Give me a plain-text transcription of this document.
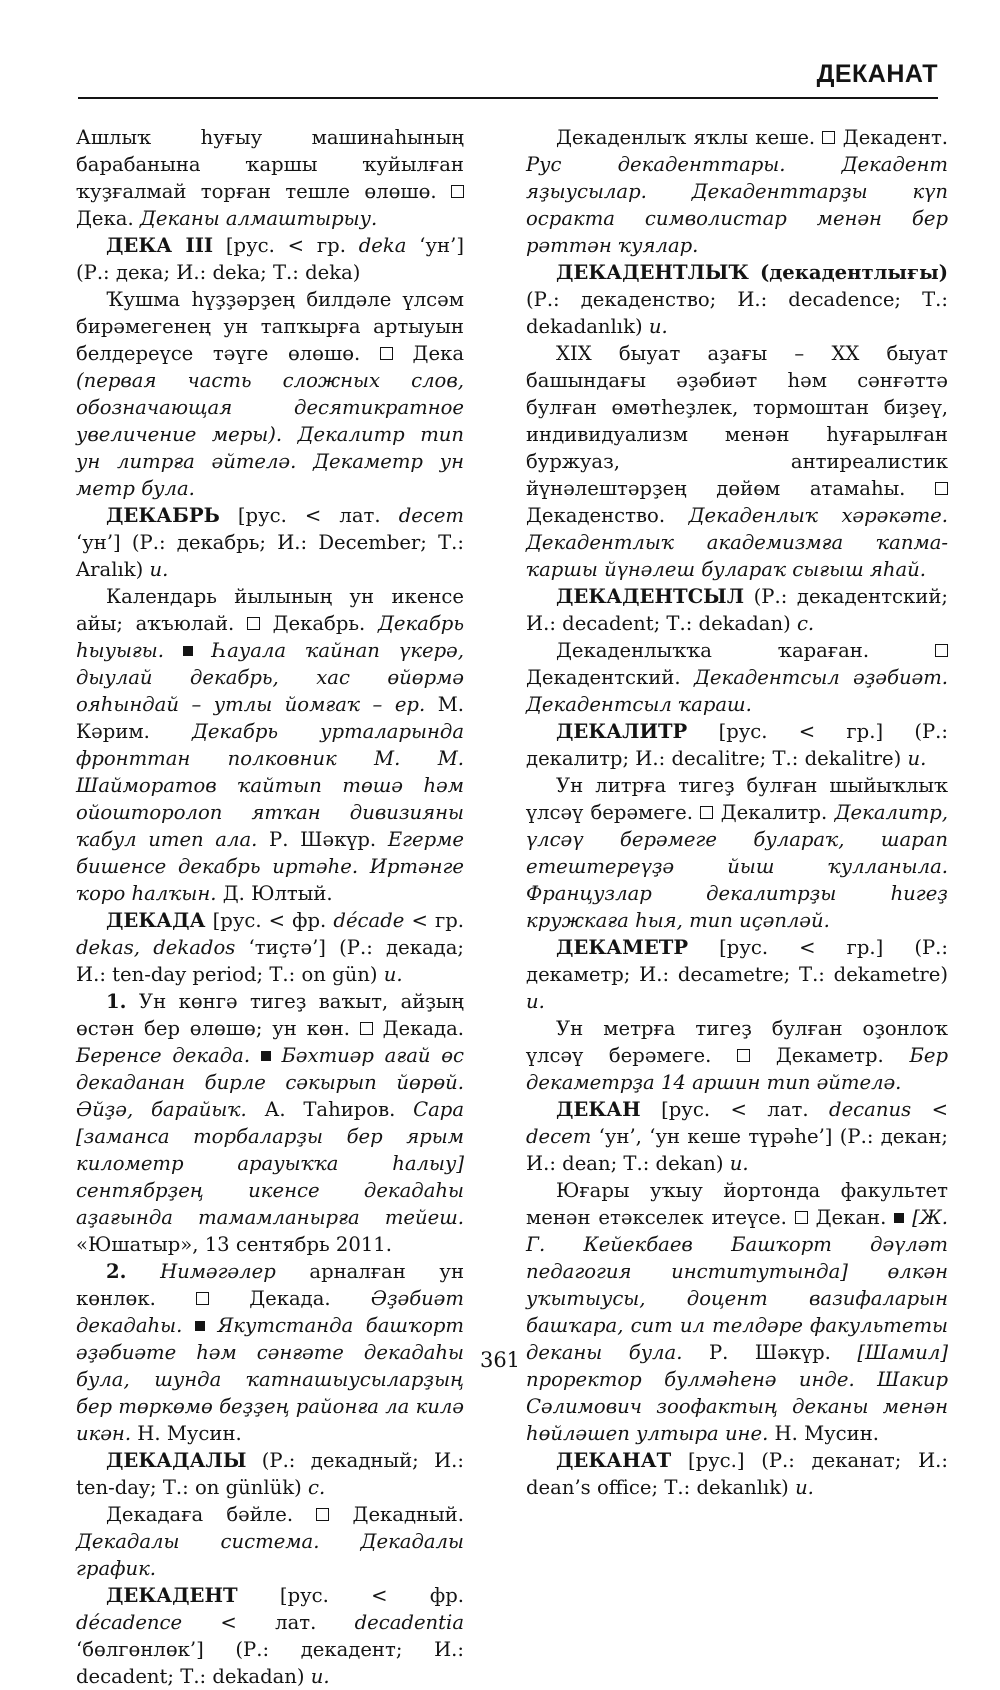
ДЕКАНАТ

Ашлыҡ һуғыу машинаһының барабанына ҡаршы ҡуйылған ҡуҙғалмай торған тешле өлөшө.  Дека. Деканы алмаштырыу.

ДЕКА III [рус. < гр. deka ‘ун’] (Р.: дека; И.: deka; Т.: deka)

Ҡушма һүҙҙәрҙең билдәле үлсәм бирәмегенең ун тапҡырға артыуын белдереүсе тәүге өлөшө.	Дека (первая часть сложных слов, обозначающая десятикратное увеличение меры). Декалитр тип ун литрға әйтелә. Декаметр ун метр була.

ДЕКАБРЬ [рус. < лат. decem ‘ун’] (Р.: декабрь; И.: December; Т.: Aralık) и.

Календарь йылының ун икенсе айы; аҡъюлай. Декабрь. Декабрь һыуығы. Һауала ҡайнап үкерә, дыулай декабрь, хас өйөрмә ояһындай – утлы йомғаҡ – ер. М. Кәрим. Декабрь урталарында фронттан полковник М. М. Шайморатов ҡайтып төшә һәм ойошторолоп ятҡан дивизияны ҡабул итеп ала. Р. Шәкүр. Егерме бишенсе декабрь иртәһе. Иртәнге ҡоро һалҡын. Д. Юлтый.

ДЕКАДА [рус. < фр. décade < гр. dekas, dekados ‘тиҫтә’] (Р.: декада; И.: ten-day period; Т.: on gün) и.

1. Ун көнгә тигеҙ ваҡыт, айҙың өстән бер өлөшө; ун көн. Декада. Беренсе декада. Бәхтиәр ағай өс декаданан бирле сәкырып йөрөй. Әйҙә, барайыҡ. А. Таһиров. Сара [заманса торбаларҙы бер ярым километр арауыҡҡа һалыу] сентябрҙең икенсе декадаһы аҙағында тамамланырға тейеш. «Юшатыр», 13 сентябрь 2011.

2. Нимәгәлер арналған ун көнлөк.	Декада. Әҙәбиәт декадаһы. Якутстанда башҡорт әҙәбиәте һәм сәнғәте декадаһы була, шунда ҡатнашыусыларҙың бер төркөмө беҙҙең районға ла килә икән. Н. Мусин.

ДЕКАДАЛЫ (Р.: декадный; И.: ten-day; Т.: on günlük) с.

Декадаға бәйле.	Декадный. Декадалы система. Декадалы график.

ДЕКАДЕНТ [рус. < фр. décadence < лат. decadentia ‘бөлгөнлөк’] (Р.: декадент; И.: decadent; Т.: dekadan) и.

Декаденлыҡ яҡлы кеше. Декадент. Рус декаденттары. Декадент яҙыусылар. Декаденттарҙы күп осракта символистар менән бер рәттән ҡуялар.

ДЕКАДЕНТЛЫҠ (декадентлығы) (Р.: декаденство; И.: decadence; Т.: dekadanlık) и.

XIX быуат аҙағы – XX быуат башындағы әҙәбиәт һәм сәнғәттә булған өмөтһеҙлек, тормоштан биҙеү, индивидуализм менән һуғарылған буржуаз, антиреалистик йүнәлештәрҙең дөйөм атамаһы.  Декаденство. Декаденлыҡ хәрәкәте. Декадентлыҡ академизмға ҡапма-ҡаршы йүнәлеш булараҡ сығыш яһай.

ДЕКАДЕНТСЫЛ (Р.: декадентский; И.: decadent; Т.: dekadan) с.

Декаденлыҡҡа ҡараған.  Декадентский. Декадентсыл әҙәбиәт. Декадентсыл ҡараш.

ДЕКАЛИТР [рус. < гр.] (Р.: декалитр; И.: decalitre; Т.: dekalitre) и.

Ун литрға тигеҙ булған шыйыҡлыҡ үлсәү берәмеге. Декалитр. Декалитр, үлсәү берәмеге булараҡ, шарап етештереүҙә йыш ҡулланыла. Французлар декалитрҙы һигеҙ кружкаға һыя, тип иҫәпләй.

ДЕКАМЕТР [рус. < гр.] (Р.: декаметр; И.: decametre; Т.: dekametre) и.

Ун метрға тигеҙ булған оҙонлоҡ үлсәү берәмеге.	Декаметр. Бер декаметрҙа 14 аршин тип әйтелә.

ДЕКАН [рус. < лат. decanus < decem ‘ун’, ‘ун кеше түрәһе’] (Р.: декан; И.: dean; Т.: dekan) и.

Юғары уҡыу йортонда факультет менән етәкселек итеүсе. Декан. [Ж. Г. Кейекбаев Башҡорт дәүләт педагогия институтында] өлкән уҡытыусы, доцент вазифаларын башҡара, сит ил телдәре факультеты деканы була. Р. Шәкүр. [Шамил] проректор булмәһенә инде. Шакир Сәлимович зоофактың деканы менән һөйләшеп ултыра ине. Н. Мусин.

ДЕКАНАТ [рус.] (Р.: деканат; И.: dean’s office; Т.: dekanlık) и.

361
